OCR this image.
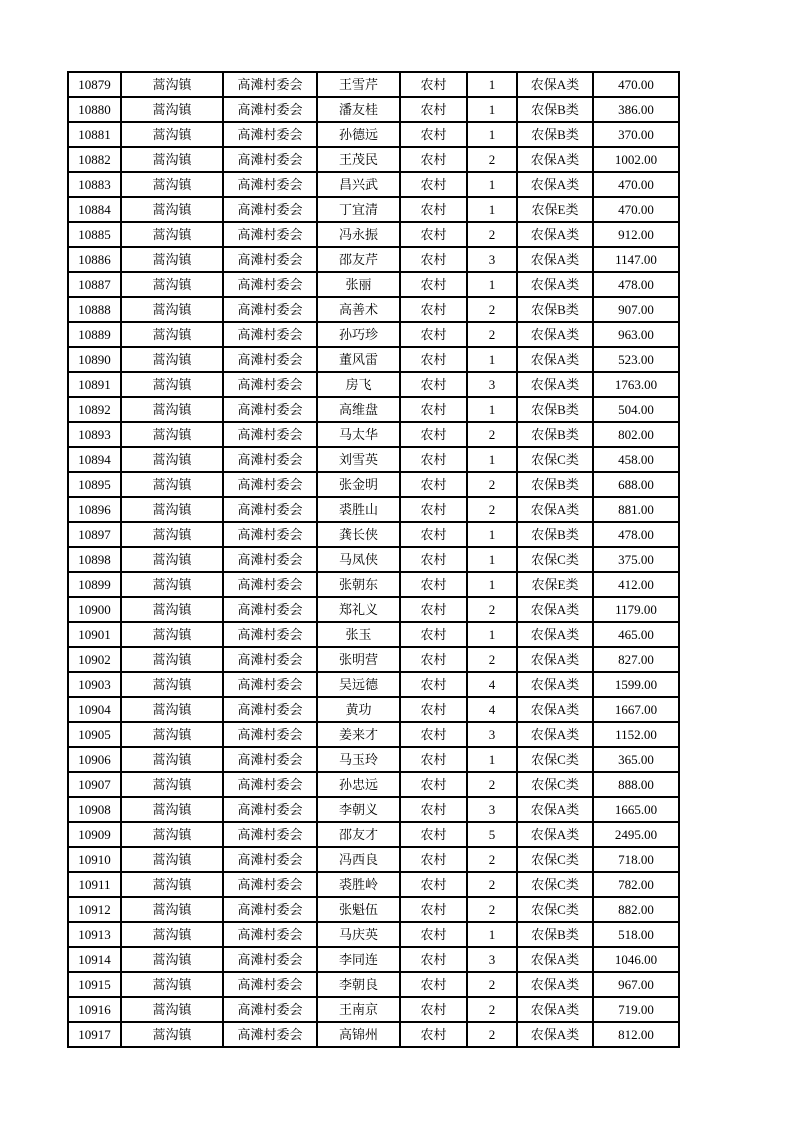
10879	蒿沟镇	高滩村委会	王雪芹	农村	1	农保A类	470.00
10880	蒿沟镇	高滩村委会	潘友桂	农村	1	农保B类	386.00
10881	蒿沟镇	高滩村委会	孙德远	农村	1	农保B类	370.00
10882	蒿沟镇	高滩村委会	王茂民	农村	2	农保A类	1002.00
10883	蒿沟镇	高滩村委会	昌兴武	农村	1	农保A类	470.00
10884	蒿沟镇	高滩村委会	丁宜清	农村	1	农保E类	470.00
10885	蒿沟镇	高滩村委会	冯永振	农村	2	农保A类	912.00
10886	蒿沟镇	高滩村委会	邵友芹	农村	3	农保A类	1147.00
10887	蒿沟镇	高滩村委会	张丽	农村	1	农保A类	478.00
10888	蒿沟镇	高滩村委会	高善术	农村	2	农保B类	907.00
10889	蒿沟镇	高滩村委会	孙巧珍	农村	2	农保A类	963.00
10890	蒿沟镇	高滩村委会	董风雷	农村	1	农保A类	523.00
10891	蒿沟镇	高滩村委会	房飞	农村	3	农保A类	1763.00
10892	蒿沟镇	高滩村委会	高维盘	农村	1	农保B类	504.00
10893	蒿沟镇	高滩村委会	马太华	农村	2	农保B类	802.00
10894	蒿沟镇	高滩村委会	刘雪英	农村	1	农保C类	458.00
10895	蒿沟镇	高滩村委会	张金明	农村	2	农保B类	688.00
10896	蒿沟镇	高滩村委会	裘胜山	农村	2	农保A类	881.00
10897	蒿沟镇	高滩村委会	龚长侠	农村	1	农保B类	478.00
10898	蒿沟镇	高滩村委会	马凤侠	农村	1	农保C类	375.00
10899	蒿沟镇	高滩村委会	张朝东	农村	1	农保E类	412.00
10900	蒿沟镇	高滩村委会	郑礼义	农村	2	农保A类	1179.00
10901	蒿沟镇	高滩村委会	张玉	农村	1	农保A类	465.00
10902	蒿沟镇	高滩村委会	张明营	农村	2	农保A类	827.00
10903	蒿沟镇	高滩村委会	吴远德	农村	4	农保A类	1599.00
10904	蒿沟镇	高滩村委会	黄功	农村	4	农保A类	1667.00
10905	蒿沟镇	高滩村委会	姜来才	农村	3	农保A类	1152.00
10906	蒿沟镇	高滩村委会	马玉玲	农村	1	农保C类	365.00
10907	蒿沟镇	高滩村委会	孙忠远	农村	2	农保C类	888.00
10908	蒿沟镇	高滩村委会	李朝义	农村	3	农保A类	1665.00
10909	蒿沟镇	高滩村委会	邵友才	农村	5	农保A类	2495.00
10910	蒿沟镇	高滩村委会	冯西良	农村	2	农保C类	718.00
10911	蒿沟镇	高滩村委会	裘胜岭	农村	2	农保C类	782.00
10912	蒿沟镇	高滩村委会	张魁伍	农村	2	农保C类	882.00
10913	蒿沟镇	高滩村委会	马庆英	农村	1	农保B类	518.00
10914	蒿沟镇	高滩村委会	李同连	农村	3	农保A类	1046.00
10915	蒿沟镇	高滩村委会	李朝良	农村	2	农保A类	967.00
10916	蒿沟镇	高滩村委会	王南京	农村	2	农保A类	719.00
10917	蒿沟镇	高滩村委会	高锦州	农村	2	农保A类	812.00
